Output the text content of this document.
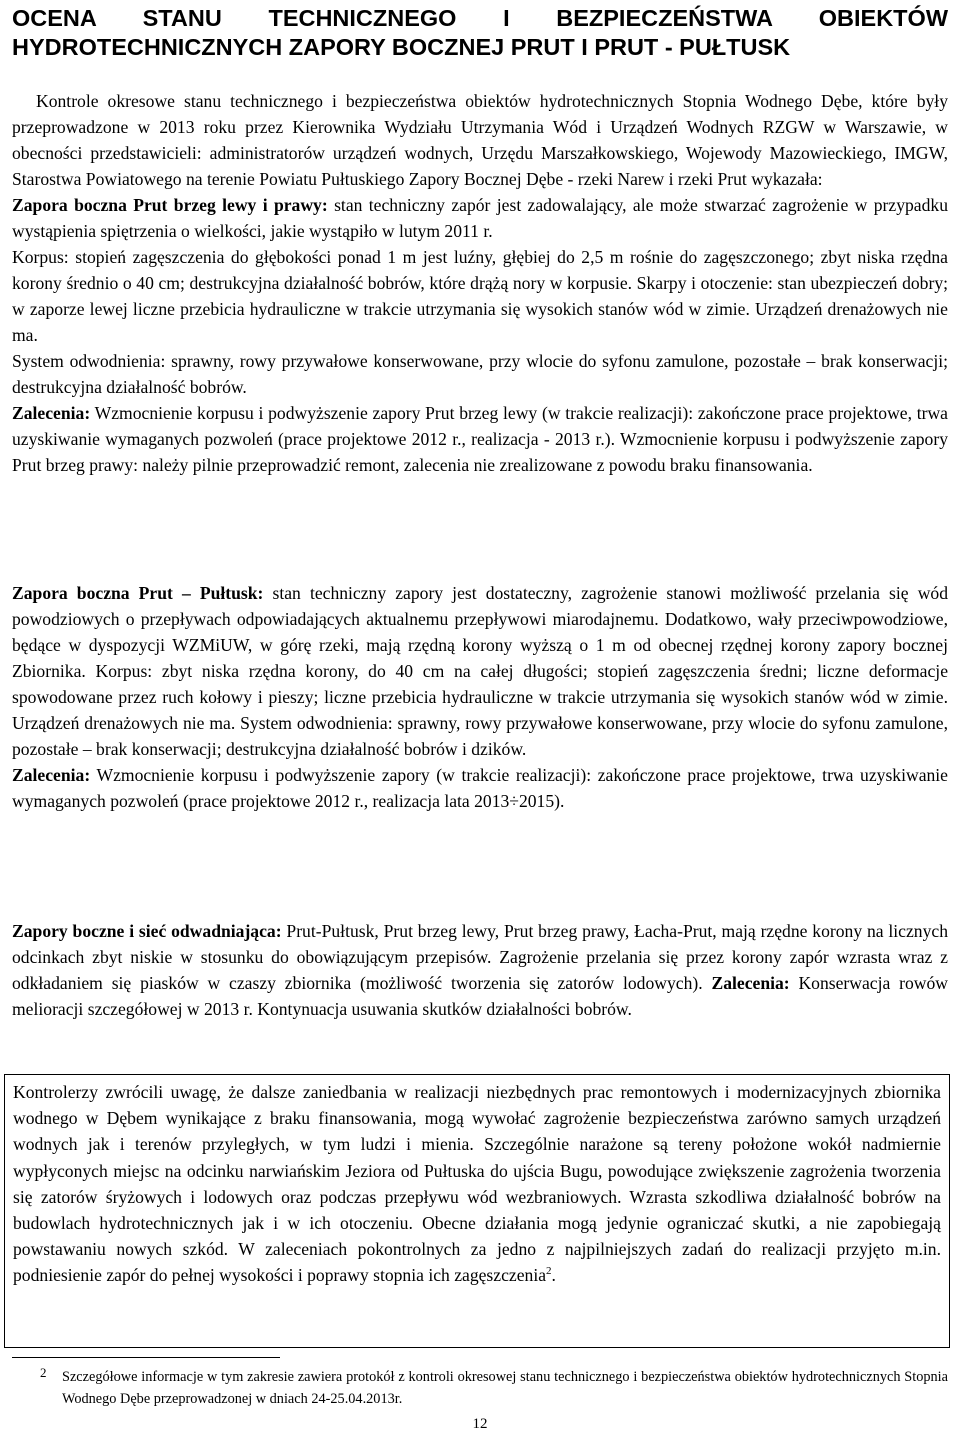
OCENA STANU TECHNICZNEGO I BEZPIECZEŃSTWA OBIEKTÓW HYDROTECHNICZNYCH ZAPORY BOCZNEJ PRUT I PRUT - PUŁTUSK

Kontrole okresowe stanu technicznego i bezpieczeństwa obiektów hydrotechnicznych Stopnia Wodnego Dębe, które były przeprowadzone w 2013 roku przez Kierownika Wydziału Utrzymania Wód i Urządzeń Wodnych RZGW w Warszawie, w obecności przedstawicieli: administratorów urządzeń wodnych, Urzędu Marszałkowskiego, Wojewody Mazowieckiego, IMGW, Starostwa Powiatowego na terenie Powiatu Pułtuskiego Zapory Bocznej Dębe - rzeki Narew i rzeki Prut wykazała:

Zapora boczna Prut brzeg lewy i prawy: stan techniczny zapór jest zadowalający, ale może stwarzać zagrożenie w przypadku wystąpienia spiętrzenia o wielkości, jakie wystąpiło w lutym 2011 r.

Korpus: stopień zagęszczenia do głębokości ponad 1 m jest luźny, głębiej do 2,5 m rośnie do zagęszczonego; zbyt niska rzędna korony średnio o 40 cm; destrukcyjna działalność bobrów, które drążą nory w korpusie. Skarpy i otoczenie: stan ubezpieczeń dobry; w zaporze lewej liczne przebicia hydrauliczne w trakcie utrzymania się wysokich stanów wód w zimie. Urządzeń drenażowych nie ma.

System odwodnienia: sprawny, rowy przywałowe konserwowane, przy wlocie do syfonu zamulone, pozostałe – brak konserwacji; destrukcyjna działalność bobrów.

Zalecenia: Wzmocnienie korpusu i podwyższenie zapory Prut brzeg lewy (w trakcie realizacji): zakończone prace projektowe, trwa uzyskiwanie wymaganych pozwoleń (prace projektowe 2012 r., realizacja - 2013 r.). Wzmocnienie korpusu i podwyższenie zapory Prut brzeg prawy: należy pilnie przeprowadzić remont, zalecenia nie zrealizowane z powodu braku finansowania.

Zapora boczna Prut – Pułtusk: stan techniczny zapory jest dostateczny, zagrożenie stanowi możliwość przelania się wód powodziowych o przepływach odpowiadających aktualnemu przepływowi miarodajnemu. Dodatkowo, wały przeciwpowodziowe, będące w dyspozycji WZMiUW, w górę rzeki, mają rzędną korony wyższą o 1 m od obecnej rzędnej korony zapory bocznej Zbiornika. Korpus: zbyt niska rzędna korony, do 40 cm na całej długości; stopień zagęszczenia średni; liczne deformacje spowodowane przez ruch kołowy i pieszy; liczne przebicia hydrauliczne w trakcie utrzymania się wysokich stanów wód w zimie. Urządzeń drenażowych nie ma. System odwodnienia: sprawny, rowy przywałowe konserwowane, przy wlocie do syfonu zamulone, pozostałe – brak konserwacji; destrukcyjna działalność bobrów i dzików.

Zalecenia: Wzmocnienie korpusu i podwyższenie zapory (w trakcie realizacji): zakończone prace projektowe, trwa uzyskiwanie wymaganych pozwoleń (prace projektowe 2012 r., realizacja lata 2013÷2015).

Zapory boczne i sieć odwadniająca: Prut-Pułtusk, Prut brzeg lewy, Prut brzeg prawy, Łacha-Prut, mają rzędne korony na licznych odcinkach zbyt niskie w stosunku do obowiązującym przepisów. Zagrożenie przelania się przez korony zapór wzrasta wraz z odkładaniem się piasków w czaszy zbiornika (możliwość tworzenia się zatorów lodowych). Zalecenia: Konserwacja rowów melioracji szczegółowej w 2013 r. Kontynuacja usuwania skutków działalności bobrów.

Kontrolerzy zwrócili uwagę, że dalsze zaniedbania w realizacji niezbędnych prac remontowych i modernizacyjnych zbiornika wodnego w Dębem wynikające z braku finansowania, mogą wywołać zagrożenie bezpieczeństwa zarówno samych urządzeń wodnych jak i terenów przyległych, w tym ludzi i mienia. Szczególnie narażone są tereny położone wokół nadmiernie wypłyconych miejsc na odcinku narwiańskim Jeziora od Pułtuska do ujścia Bugu, powodujące zwiększenie zagrożenia tworzenia się zatorów śryżowych i lodowych oraz podczas przepływu wód wezbraniowych. Wzrasta szkodliwa działalność bobrów na budowlach hydrotechnicznych jak i w ich otoczeniu. Obecne działania mogą jedynie ograniczać skutki, a nie zapobiegają powstawaniu nowych szkód. W zaleceniach pokontrolnych za jedno z najpilniejszych zadań do realizacji przyjęto m.in. podniesienie zapór do pełnej wysokości i poprawy stopnia ich zagęszczenia$^2$.

2	Szczegółowe informacje w tym zakresie zawiera protokół z kontroli okresowej stanu technicznego i bezpieczeństwa obiektów hydrotechnicznych Stopnia Wodnego Dębe przeprowadzonej w dniach 24-25.04.2013r.
12
